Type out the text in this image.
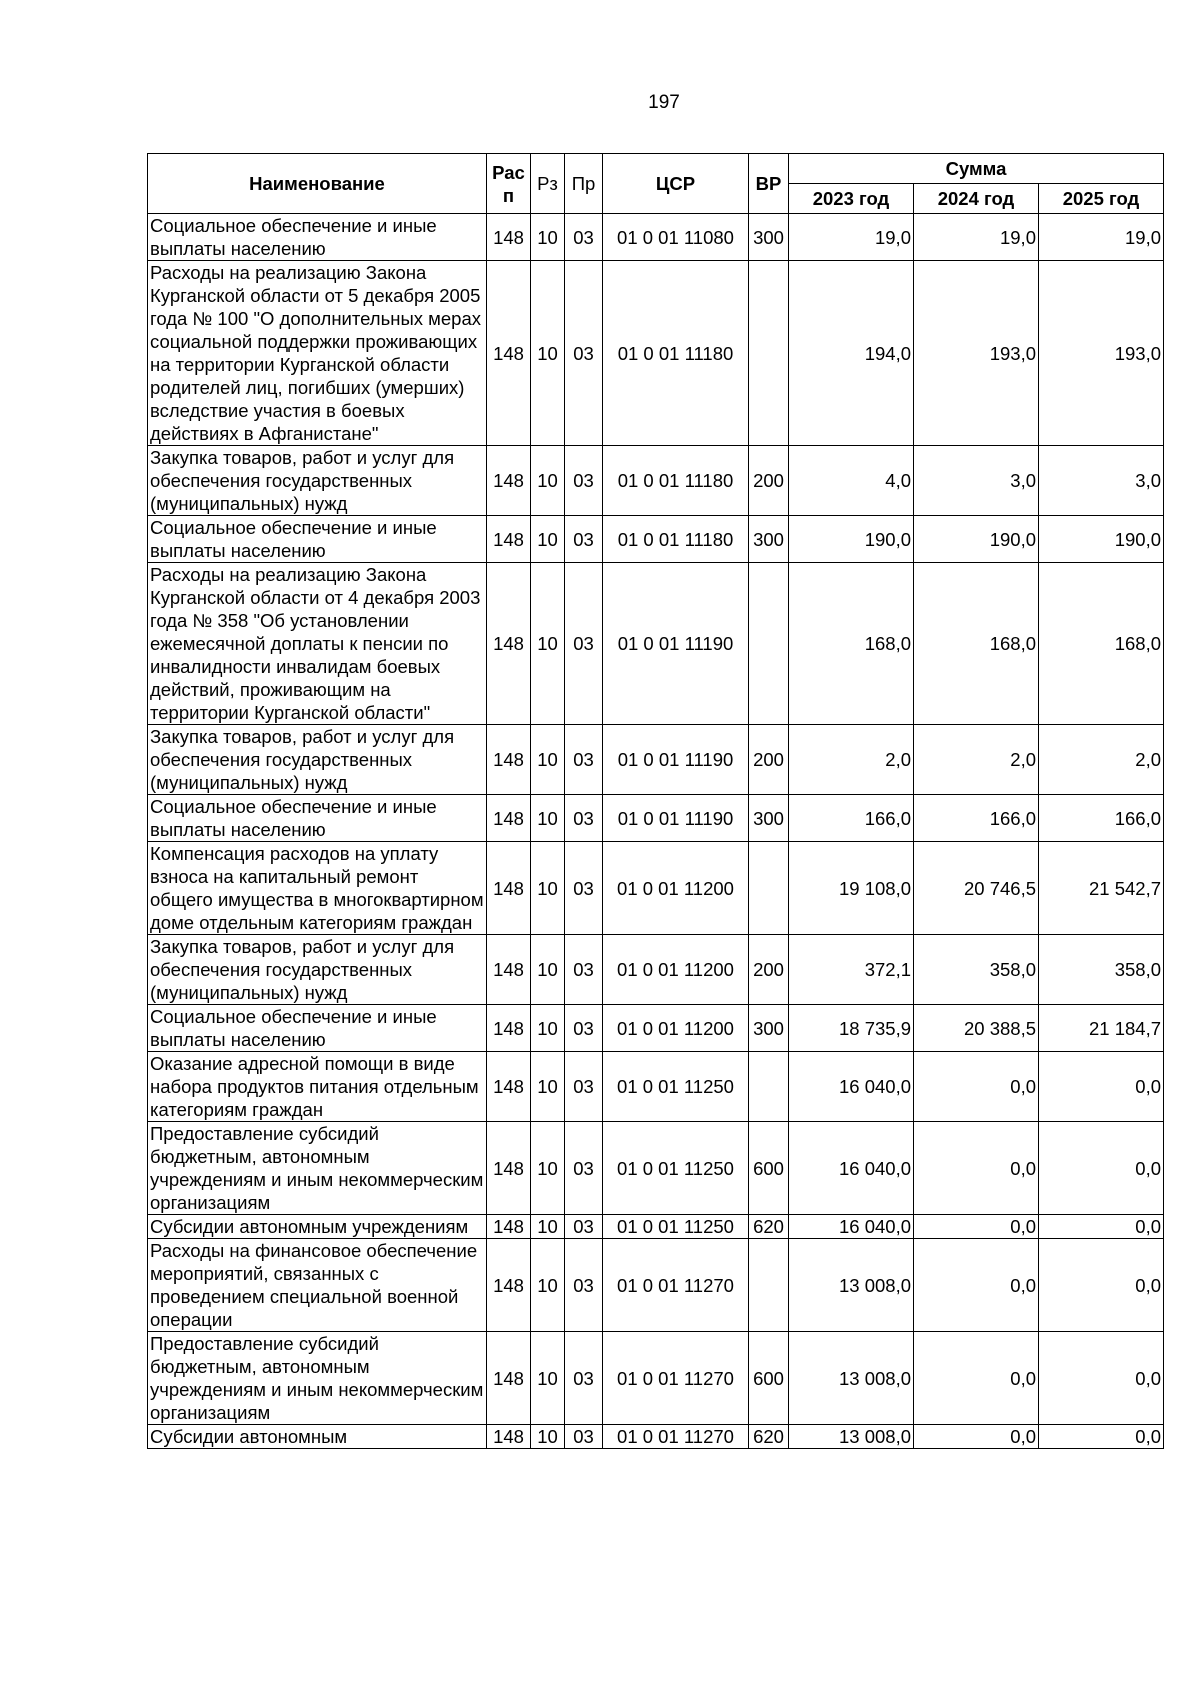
197
Наименование	Рас п	Рз	Пр	ЦСР	ВР	Сумма		
						2023 год	2024 год	2025 год
Социальное обеспечение и иные выплаты населению	148	10	03	01 0 01 11080	300	19,0	19,0	19,0
Расходы на реализацию Закона Курганской области от 5 декабря 2005 года № 100 "О дополнительных мерах социальной поддержки проживающих на территории Курганской области родителей лиц, погибших (умерших) вследствие участия в боевых действиях в Афганистане"	148	10	03	01 0 01 11180		194,0	193,0	193,0
Закупка товаров, работ и услуг для обеспечения государственных (муниципальных) нужд	148	10	03	01 0 01 11180	200	4,0	3,0	3,0
Социальное обеспечение и иные выплаты населению	148	10	03	01 0 01 11180	300	190,0	190,0	190,0
Расходы на реализацию Закона Курганской области от 4 декабря 2003 года № 358 "Об установлении ежемесячной доплаты к пенсии по инвалидности инвалидам боевых действий, проживающим на территории Курганской области"	148	10	03	01 0 01 11190		168,0	168,0	168,0
Закупка товаров, работ и услуг для обеспечения государственных (муниципальных) нужд	148	10	03	01 0 01 11190	200	2,0	2,0	2,0
Социальное обеспечение и иные выплаты населению	148	10	03	01 0 01 11190	300	166,0	166,0	166,0
Компенсация расходов на уплату взноса на капитальный ремонт общего имущества в многоквартирном доме отдельным категориям граждан	148	10	03	01 0 01 11200		19 108,0	20 746,5	21 542,7
Закупка товаров, работ и услуг для обеспечения государственных (муниципальных) нужд	148	10	03	01 0 01 11200	200	372,1	358,0	358,0
Социальное обеспечение и иные выплаты населению	148	10	03	01 0 01 11200	300	18 735,9	20 388,5	21 184,7
Оказание адресной помощи в виде набора продуктов питания отдельным категориям граждан	148	10	03	01 0 01 11250		16 040,0	0,0	0,0
Предоставление субсидий бюджетным, автономным учреждениям и иным некоммерческим организациям	148	10	03	01 0 01 11250	600	16 040,0	0,0	0,0
Субсидии автономным учреждениям	148	10	03	01 0 01 11250	620	16 040,0	0,0	0,0
Расходы на финансовое обеспечение мероприятий, связанных с проведением специальной военной операции	148	10	03	01 0 01 11270		13 008,0	0,0	0,0
Предоставление субсидий бюджетным, автономным учреждениям и иным некоммерческим организациям	148	10	03	01 0 01 11270	600	13 008,0	0,0	0,0
Субсидии автономным	148	10	03	01 0 01 11270	620	13 008,0	0,0	0,0
